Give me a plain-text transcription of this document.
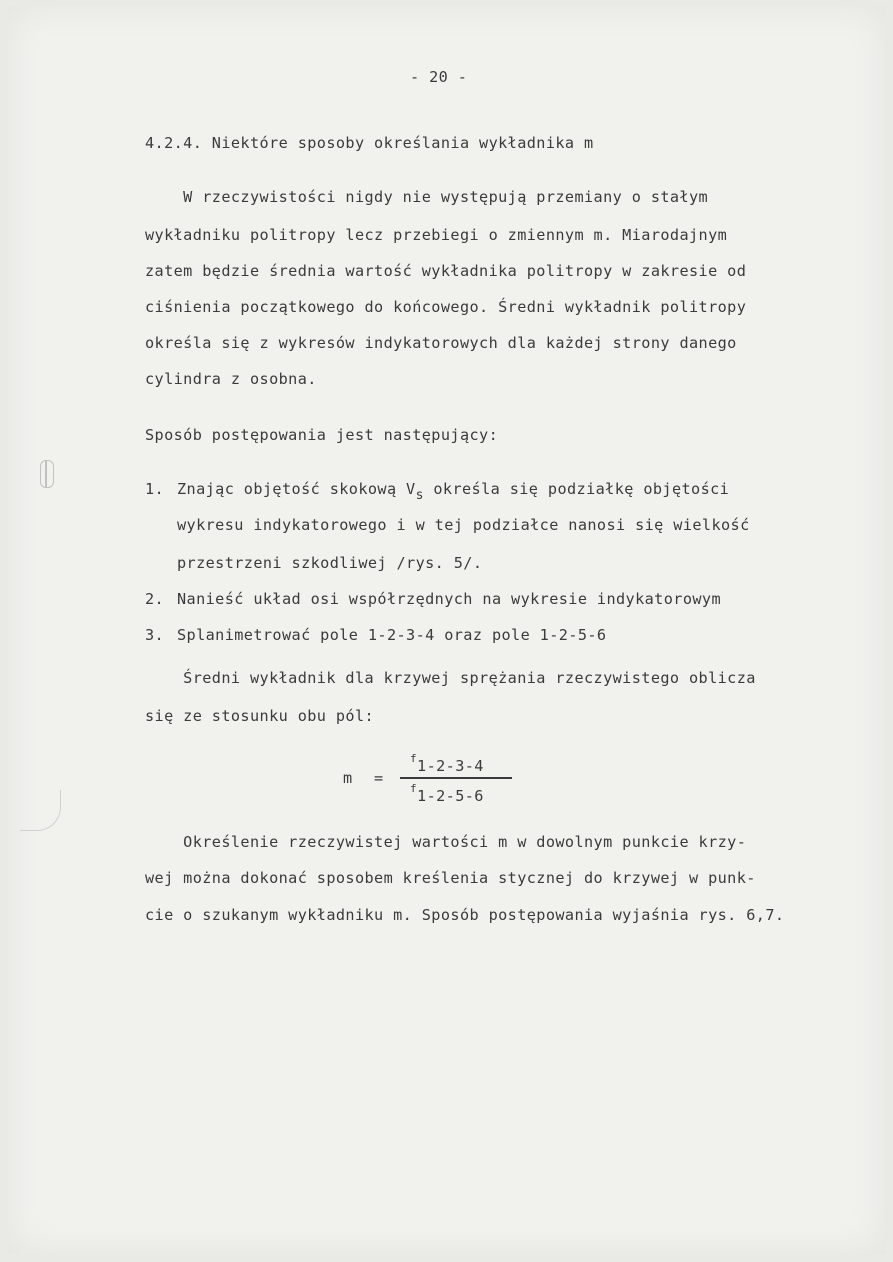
- 20 -

4.2.4. Niektóre sposoby określania wykładnika m

W rzeczywistości nigdy nie występują przemiany o stałym

wykładniku politropy lecz przebiegi o zmiennym m. Miarodajnym

zatem będzie średnia wartość wykładnika politropy w zakresie od

ciśnienia początkowego do końcowego. Średni wykładnik politropy

określa się z wykresów indykatorowych dla każdej strony danego

cylindra z osobna.

Sposób postępowania jest następujący:

1. Znając objętość skokową $V_s$ określa się podziałkę objętości

wykresu indykatorowego i w tej podziałce nanosi się wielkość

przestrzeni szkodliwej /rys. 5/.

2. Nanieść układ osi współrzędnych na wykresie indykatorowym

3. Splanimetrować pole 1-2-3-4 oraz pole 1-2-5-6

Średni wykładnik dla krzywej sprężania rzeczywistego oblicza

się ze stosunku obu pól:

m =

$^f$1-2-3-4

$^f$1-2-5-6

Określenie rzeczywistej wartości m w dowolnym punkcie krzy-

wej można dokonać sposobem kreślenia stycznej do krzywej w punk-

cie o szukanym wykładniku m. Sposób postępowania wyjaśnia rys. 6,7.
